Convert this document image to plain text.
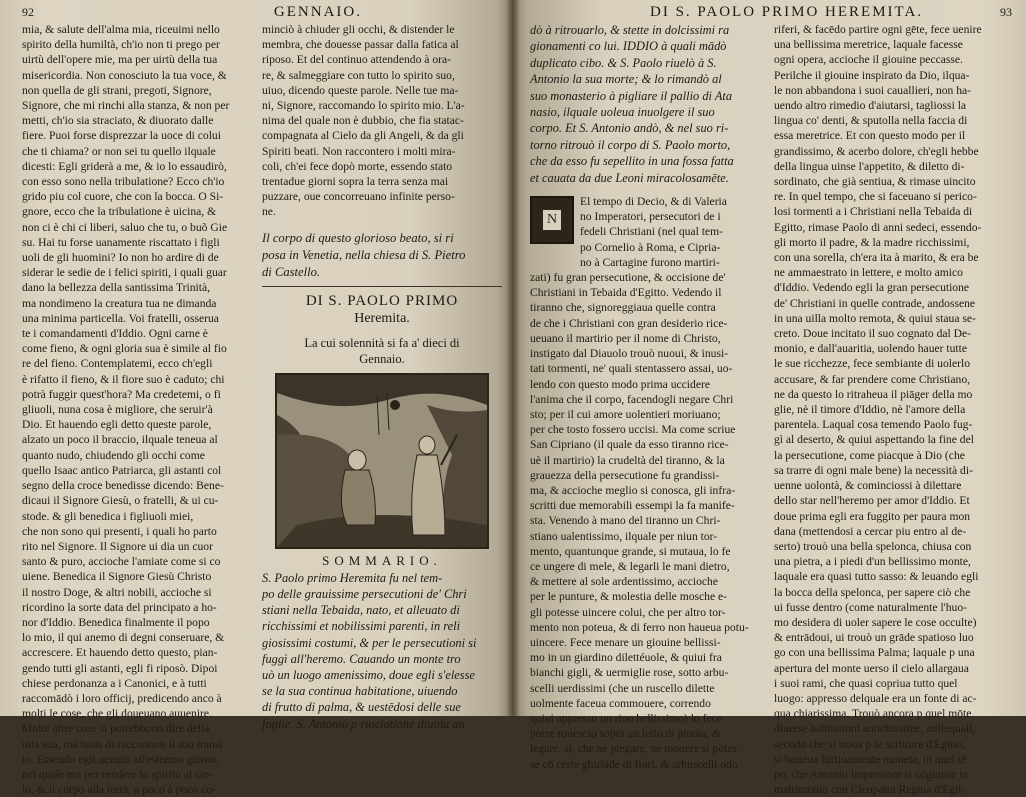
92	GENNAIO.
mia, & salute dell'alma mia, riceuimi nello
spirito della humiltà, ch'io non ti prego per
uirtù dell'opere mie, ma per uirtù della tua
misericordia. Non conosciuto la tua voce, &
non quella de gli strani, pregoti, Signore,
Signore, che mi rinchi alla stanza, & non per
metti, ch'io sia straciato, & diuorato dalle
fiere. Puoi forse disprezzar la uoce di colui
che ti chiama? or non sei tu quello ilquale
dicesti: Egli griderà a me, & io lo essaudirò,
con esso sono nella tribulatione? Ecco ch'io
grido piu col cuore, che con la bocca. O Si-
gnore, ecco che la tribulatione è uicina, &
non ci è chi ci liberi, saluo che tu, o buõ Gie
su. Hai tu forse uanamente riscattato i figli
uoli de gli huomini? Io non ho ardire di de
siderar le sedie de i felici spiriti, i quali guar
dano la bellezza della santissima Trinità,
ma nondimeno la creatura tua ne dimanda
una minima particella. Voi fratelli, osserua
te i comandamenti d'Iddio. Ogni carne è
come fieno, & ogni gloria sua è simile al fio
re del fieno. Contemplatemi, ecco ch'egli
è rifatto il fieno, & il fiore suo è caduto; chi
potrà fuggir quest'hora? Ma credetemi, o fi
gliuoli, nuna cosa è migliore, che seruir'à
Dio. Et hauendo egli detto queste parole,
alzato un poco il braccio, ilquale teneua al
quanto nudo, chiudendo gli occhi come
quello Isaac antico Patriarca, gli astanti col
segno della croce benedisse dicendo: Bene-
dicaui il Signore Giesù, o fratelli, & ui cu-
stode. & gli benedica i figliuoli miei,
che non sono qui presenti, i quali ho parto
rito nel Signore. Il Signore ui dia un cuor
santo & puro, accioche l'amiate come si co
uiene. Benedica il Signore Giesù Christo
il nostro Doge, & altri nobili, accioche si
ricordino la sorte data del principato a ho-
nor d'Iddio. Benedica finalmente il popo
lo mio, il qui anemo di degni conseruare, &
accrescere. Et hauendo detto questo, pian-
gendo tutti gli astanti, egli fi riposò. Dipoi
chiese perdonanza a i Canonici, e à tutti
raccomādò i loro officij, predicendo anco à
molti le cose, che gli doueuano auuenire.
Molte altre cose si potrebbono dire della
uita sua, ma basti di raccontare il suo transi
to. Essendo egli uenuto all'estremo giorno,
nel quale era per rendere lo spirito al cie-
lo, & il corpo alla terra, a poco à poco co-
minciò à chiuder gli occhi, & distender le
membra, che douesse passar dalla fatica al
riposo. Et del continuo attendendo à ora-
re, & salmeggiare con tutto lo spirito suo,
uiuo, dicendo queste parole. Nelle tue ma-
ni, Signore, raccomando lo spirito mio. L'a-
nima del quale non è dubbio, che fia statac-
compagnata al Cielo da gli Angeli, & da gli
Spiriti beati. Non raccontero i molti mira-
coli, ch'ei fece dopò morte, essendo stato
trentadue giorni sopra la terra senza mai
puzzare, oue concorreuano infinite perso-
ne.
Il corpo di questo glorioso beato, si ri
posa in Venetia, nella chiesa di S. Pietro
di Castello.
DI S. PAOLO PRIMO
Heremita.
La cui solennità si fa a' dieci di
Gennaio.
SOMMARIO.
S. Paolo primo Heremita fu nel tem-
po delle grauissime persecutioni de' Chri
stiani nella Tebaida, nato, et alleuato di
ricchissimi et nobilissimi parenti, in reli
giosissimi costumi, & per le persecutioni si
fuggì all'heremo. Cauando un monte tro
uò un luogo amenissimo, doue egli s'elesse
se la sua continua habitatione, uiuendo
di frutto di palma, & uestēdosi delle sue
foglie. S. Antonio p riuelatione diuina an
DI S. PAOLO PRIMO HEREMITA.	93
dò à ritrouarlo, & stette in dolcissimi ra
gionamenti co lui. IDDIO à quali mādò
duplicato cibo. & S. Paolo riuelò à S.
Antonio la sua morte; & lo rimandò al
suo monasterio à pigliare il pallio di Ata
nasio, ilquale uoleua inuolgere il suo
corpo. Et S. Antonio andò, & nel suo ri-
torno ritrouò il corpo di S. Paolo morto,
che da esso fu sepellito in una fossa fatta
et cauata da due Leoni miracolosamēte.
N
El tempo di Decio, & di Valeria
no Imperatori, persecutori de i
fedeli Christiani (nel qual tem-
po Cornelio à Roma, e Cipria-
no à Cartagine furono martiri-
zati) fu gran persecutione, & occisione de'
Christiani in Tebaida d'Egitto. Vedendo il
tiranno che, signoreggiaua quelle contra
de che i Christiani con gran desiderio rice-
ueuano il martirio per il nome di Christo,
instigato dal Diauolo trouò nuoui, & inusi-
tati tormenti, ne' quali stentassero assai, uo-
lendo con questo modo prima uccidere
l'anima che il corpo, facendogli negare Chri
sto; per il cui amore uolentieri moriuano;
per che tosto fossero uccisi. Ma come scriue
San Cipriano (il quale da esso tiranno rice-
uè il martirio) la crudeltà del tiranno, & la
grauezza della persecutione fu grandissi-
ma, & accioche meglio si conosca, gli infra-
scritti due memorabili essempi la fa manife-
sta. Venendo à mano del tiranno un Chri-
stiano ualentissimo, ilquale per niun tor-
mento, quantunque grande, si mutaua, lo fe
ce ungere di mele, & legarli le mani dietro,
& mettere al sole ardentissimo, accioche
per le punture, & molestia delle mosche e-
gli potesse uincere colui, che per altro tor-
mento non poteua, & di ferro non haueua potu-
uincere. Fece menare un giouine bellissi-
mo in un giardino dilettéuole, & quiui fra
bianchi gigli, & uermiglie rose, sotto arbu-
scelli uerdissimi (che un ruscello dilette
uolmente faceua commouere, correndo
quiui appresso un riuo bellissimo) lo fece
porre rouescio sopra un letto di piuma, &
legare, si, che ne piegare, ne mouere si potes
se cō certe ghirlāde di fiori, & arbuscelli odo
riferi, & facēdo partire ogni gēte, fece uenire
una bellissima meretrice, laquale facesse
ogni opera, accioche il giouine peccasse.
Perilche il giouine inspirato da Dio, ilqua-
le non abbandona i suoi cauallieri, non ha-
uendo altro rimedio d'aiutarsi, tagliossi la
lingua co' denti, & sputolla nella faccia di
essa meretrice. Et con questo modo per il
grandissimo, & acerbo dolore, ch'egli hebbe
della lingua uinse l'appetito, & diletto di-
sordinato, che già sentiua, & rimase uincito
re. In quel tempo, che si faceuano si perico-
losi tormenti a i Christiani nella Tebaida di
Egitto, rimase Paolo di anni sedeci, essendo-
gli morto il padre, & la madre ricchissimi,
con una sorella, ch'era ita à marito, & era be
ne ammaestrato in lettere, e molto amico
d'Iddio. Vedendo egli la gran persecutione
de' Christiani in quelle contrade, andossene
in una uilla molto remota, & quiui staua se-
creto. Doue incitato il suo cognato dal De-
monio, e dall'auaritia, uolendo hauer tutte
le sue ricchezze, fece sembiante di uolerlo
accusare, & far prendere come Christiano,
ne da questo lo ritraheua il piāger della mo
glie, nè il timore d'Iddio, nè l'amore della
parentela. Laqual cosa temendo Paolo fug-
gì al deserto, & quiui aspettando la fine del
la persecutione, come piacque à Dio (che
sa trarre di ogni male bene) la necessità di-
uenne uolontà, & cominciossi à dilettare
dello star nell'heremo per amor d'Iddio. Et
doue prima egli era fuggito per paura mon
dana (mettendosi a cercar piu entro al de-
serto) trouò una bella spelonca, chiusa con
una pietra, a i piedi d'un bellissimo monte,
laquale era quasi tutto sasso: & leuando egli
la bocca della spelonca, per sapere ciò che
ui fusse dentro (come naturalmente l'huo-
mo desidera di uoler sapere le cose occulte)
& entrādoui, ui trouò un grāde spatioso luo
go con una bellissima Palma; laquale p una
apertura del monte uerso il cielo allargaua
i suoi rami, che quasi copriua tutto quel
luogo: appresso delquale era un fonte di ac-
qua chiarissima. Trouò ancora p quel mōte
diuerse habitationi antichissime, nellequali,
secōdo che si troua p le scritture d'Egitto,
si batteua furtiuamente moneta, in quel tē
po, che Antonio Imperatore si cōgiunse in
matrimonio con Cleopatra Regina d'Egit-
